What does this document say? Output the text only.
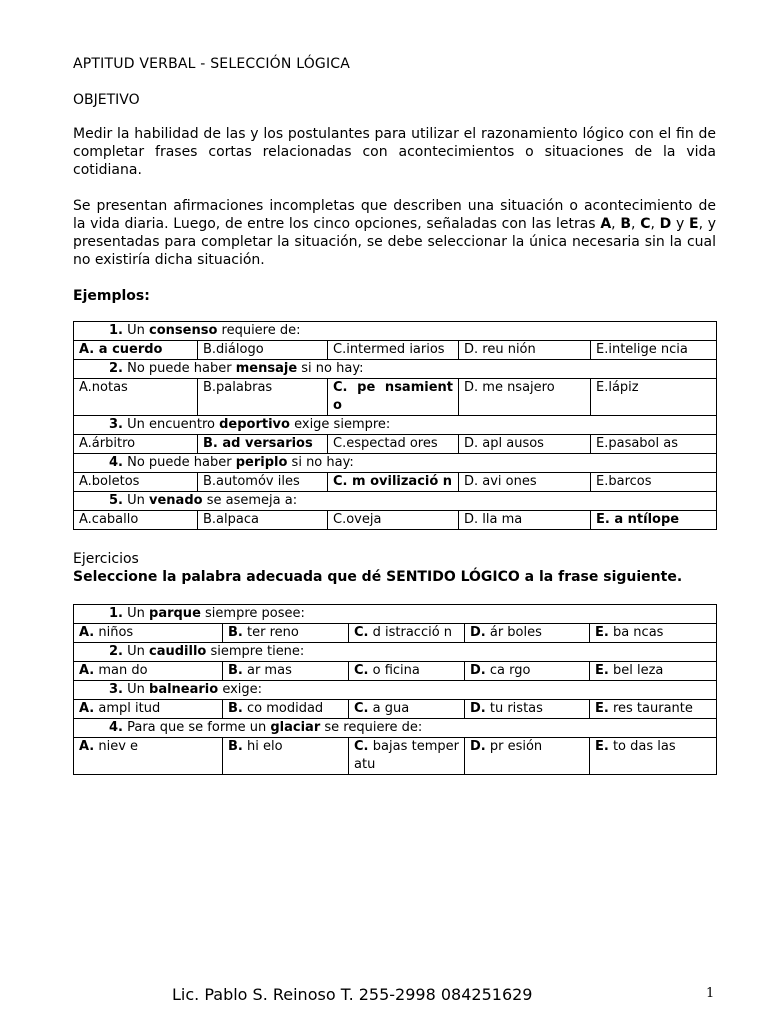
APTITUD VERBAL - SELECCIÓN LÓGICA
OBJETIVO

Medir la habilidad de las y los postulantes para utilizar el razonamiento lógico con el fin de completar frases cortas relacionadas con acontecimientos o situaciones de la vida cotidiana.

Se presentan afirmaciones incompletas que describen una situación o acontecimiento de la vida diaria. Luego, de entre los cinco opciones, señaladas con las letras A, B, C, D y E, y presentadas para completar la situación, se debe seleccionar la única necesaria sin la cual no existiría dicha situación.

Ejemplos:
1. Un consenso requiere de:				
A. a cuerdo	B.diálogo	C.intermed iarios	D. reu nión	E.intelige ncia
2. No puede haber mensaje si no hay:				
A.notas	B.palabras	C. pe nsamient o	D. me nsajero	E.lápiz
3. Un encuentro deportivo exige siempre:				
A.árbitro	B. ad versarios	C.espectad ores	D. apl ausos	E.pasabol as
4. No puede haber periplo si no hay:				
A.boletos	B.automóv iles	C. m ovilizació n	D. avi ones	E.barcos
5. Un venado se asemeja a:				
A.caballo	B.alpaca	C.oveja	D. lla ma	E. a ntílope
Ejercicios
Seleccione la palabra adecuada que dé SENTIDO LÓGICO a la frase siguiente.
1. Un parque siempre posee:				
A. niños	B. ter reno	C. d istracció n	D. ár boles	E. ba ncas
2. Un caudillo siempre tiene:				
A. man do	B. ar mas	C. o ficina	D. ca rgo	E. bel leza
3. Un balneario exige:				
A. ampl itud	B. co modidad	C. a gua	D. tu ristas	E. res taurante
4. Para que se forme un glaciar se requiere de:				
A. niev e	B. hi elo	C. bajas temperatu	D. pr esión	E. to das las
Lic. Pablo S. Reinoso T. 255-2998 084251629	1
